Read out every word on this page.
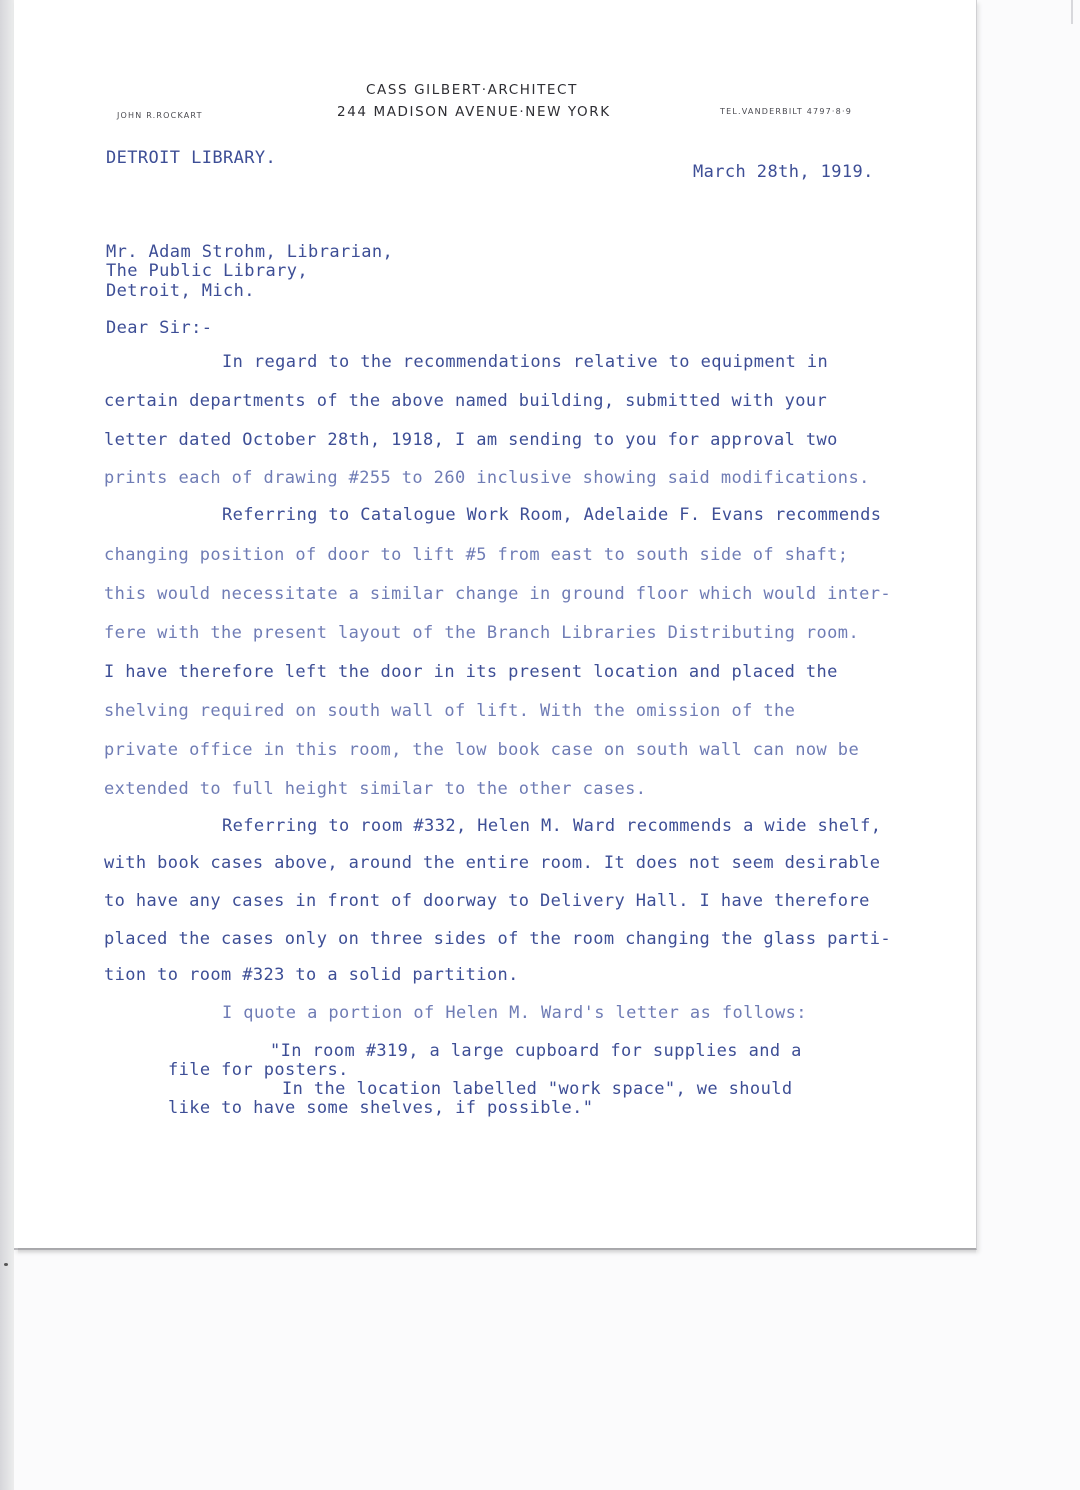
CASS GILBERT·ARCHITECT
244 MADISON AVENUE·NEW YORK
JOHN R.ROCKART	TEL.VANDERBILT 4797·8·9
DETROIT LIBRARY.
March 28th, 1919.
Mr. Adam Strohm, Librarian,
The Public Library,
Detroit, Mich.
Dear Sir:-
In regard to the recommendations relative to equipment in
certain departments of the above named building, submitted with your
letter dated October 28th, 1918, I am sending to you for approval two
prints each of drawing #255 to 260 inclusive showing said modifications.
Referring to Catalogue Work Room, Adelaide F. Evans recommends
changing position of door to lift #5 from east to south side of shaft;
this would necessitate a similar change in ground floor which would inter-
fere with the present layout of the Branch Libraries Distributing room.
I have therefore left the door in its present location and placed the
shelving required on south wall of lift. With the omission of the
private office in this room, the low book case on south wall can now be
extended to full height similar to the other cases.
Referring to room #332, Helen M. Ward recommends a wide shelf,
with book cases above, around the entire room. It does not seem desirable
to have any cases in front of doorway to Delivery Hall. I have therefore
placed the cases only on three sides of the room changing the glass parti-
tion to room #323 to a solid partition.
I quote a portion of Helen M. Ward's letter as follows:
"In room #319, a large cupboard for supplies and a
file for posters.
In the location labelled "work space", we should
like to have some shelves, if possible."
